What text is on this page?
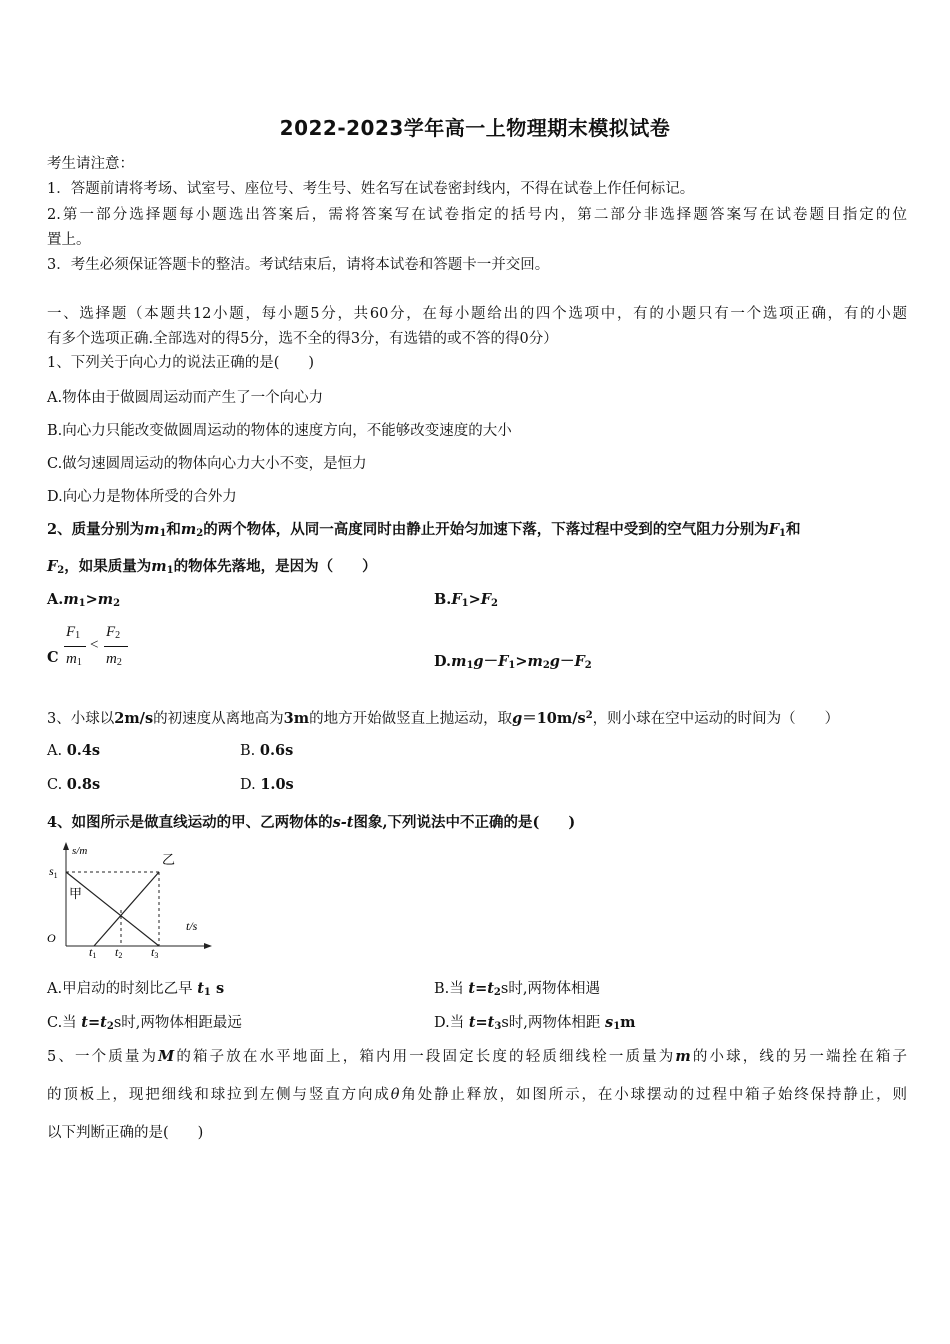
2022-2023学年高一上物理期末模拟试卷
考生请注意：
1．答题前请将考场、试室号、座位号、考生号、姓名写在试卷密封线内，不得在试卷上作任何标记。
2.第一部分选择题每小题选出答案后，需将答案写在试卷指定的括号内，第二部分非选择题答案写在试卷题目指定的位
置上。
3．考生必须保证答题卡的整洁。考试结束后，请将本试卷和答题卡一并交回。
一、选择题（本题共12小题，每小题5分，共60分，在每小题给出的四个选项中，有的小题只有一个选项正确，有的小题
有多个选项正确.全部选对的得5分，选不全的得3分，有选错的或不答的得0分）
1、下列关于向心力的说法正确的是(　　)
A.物体由于做圆周运动而产生了一个向心力
B.向心力只能改变做圆周运动的物体的速度方向，不能够改变速度的大小
C.做匀速圆周运动的物体向心力大小不变，是恒力
D.向心力是物体所受的合外力
2、质量分别为$m_1$和$m_2$的两个物体，从同一高度同时由静止开始匀加速下落，下落过程中受到的空气阻力分别为$F_1$和
$F_2$，如果质量为$m_1$的物体先落地，是因为（　　）
$A.m_1>m_2$	$B.F_1>F_2$
C
$F_1$
$m_1$
<
$F_2$
$m_2$	$D.m_1g-F_1>m_2g-F_2$
3、小球以2m/s的初速度从离地高为3m的地方开始做竖直上抛运动，取$g=10m/s^2$，则小球在空中运动的时间为（　　）
A. 0.4s	B. 0.6s
C. 0.8s	D. 1.0s
4、如图所示是做直线运动的甲、乙两物体的s-t图象,下列说法中不正确的是(　　)
s/m
t/s
O
$s_1$
甲
乙
t1 t2 t3
A.甲启动的时刻比乙早 $t_1$ s	B.当 $t=t_2s$时,两物体相遇
C.当 $t=t_2s$时,两物体相距最远	D.当 $t=t_3s$时,两物体相距 $s_1m$
5、一个质量为M的箱子放在水平地面上，箱内用一段固定长度的轻质细线栓一质量为m的小球，线的另一端拴在箱子
的顶板上，现把细线和球拉到左侧与竖直方向成θ角处静止释放，如图所示，在小球摆动的过程中箱子始终保持静止，则
以下判断正确的是(　　)
